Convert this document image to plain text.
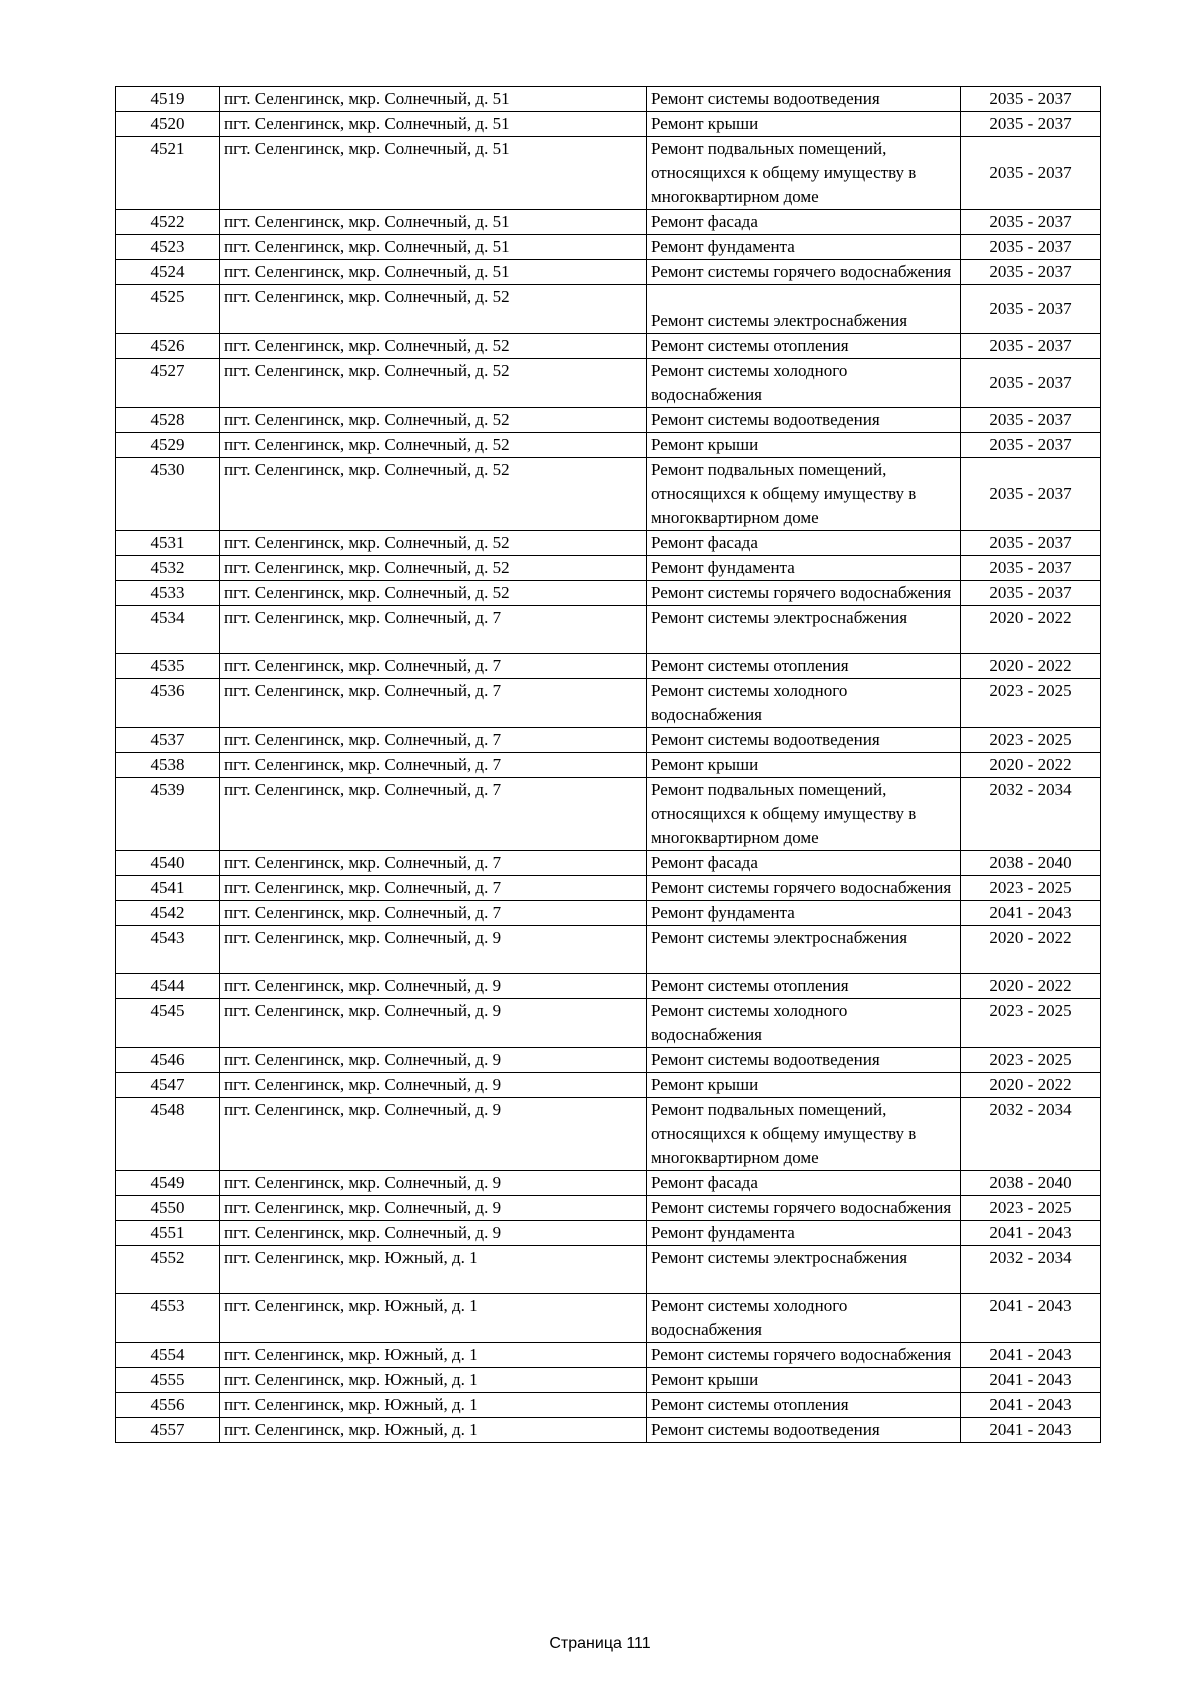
4519	пгт. Селенгинск, мкр. Солнечный, д. 51	Ремонт системы водоотведения	2035 - 2037
4520	пгт. Селенгинск, мкр. Солнечный, д. 51	Ремонт крыши	2035 - 2037
4521	пгт. Селенгинск, мкр. Солнечный, д. 51	Ремонт подвальных помещений, относящихся к общему имуществу в многоквартирном доме	2035 - 2037
4522	пгт. Селенгинск, мкр. Солнечный, д. 51	Ремонт фасада	2035 - 2037
4523	пгт. Селенгинск, мкр. Солнечный, д. 51	Ремонт фундамента	2035 - 2037
4524	пгт. Селенгинск, мкр. Солнечный, д. 51	Ремонт системы горячего водоснабжения	2035 - 2037
4525	пгт. Селенгинск, мкр. Солнечный, д. 52	Ремонт системы электроснабжения	2035 - 2037
4526	пгт. Селенгинск, мкр. Солнечный, д. 52	Ремонт системы отопления	2035 - 2037
4527	пгт. Селенгинск, мкр. Солнечный, д. 52	Ремонт системы холодного водоснабжения	2035 - 2037
4528	пгт. Селенгинск, мкр. Солнечный, д. 52	Ремонт системы водоотведения	2035 - 2037
4529	пгт. Селенгинск, мкр. Солнечный, д. 52	Ремонт крыши	2035 - 2037
4530	пгт. Селенгинск, мкр. Солнечный, д. 52	Ремонт подвальных помещений, относящихся к общему имуществу в многоквартирном доме	2035 - 2037
4531	пгт. Селенгинск, мкр. Солнечный, д. 52	Ремонт фасада	2035 - 2037
4532	пгт. Селенгинск, мкр. Солнечный, д. 52	Ремонт фундамента	2035 - 2037
4533	пгт. Селенгинск, мкр. Солнечный, д. 52	Ремонт системы горячего водоснабжения	2035 - 2037
4534	пгт. Селенгинск, мкр. Солнечный, д. 7	Ремонт системы электроснабжения	2020 - 2022
4535	пгт. Селенгинск, мкр. Солнечный, д. 7	Ремонт системы отопления	2020 - 2022
4536	пгт. Селенгинск, мкр. Солнечный, д. 7	Ремонт системы холодного водоснабжения	2023 - 2025
4537	пгт. Селенгинск, мкр. Солнечный, д. 7	Ремонт системы водоотведения	2023 - 2025
4538	пгт. Селенгинск, мкр. Солнечный, д. 7	Ремонт крыши	2020 - 2022
4539	пгт. Селенгинск, мкр. Солнечный, д. 7	Ремонт подвальных помещений, относящихся к общему имуществу в многоквартирном доме	2032 - 2034
4540	пгт. Селенгинск, мкр. Солнечный, д. 7	Ремонт фасада	2038 - 2040
4541	пгт. Селенгинск, мкр. Солнечный, д. 7	Ремонт системы горячего водоснабжения	2023 - 2025
4542	пгт. Селенгинск, мкр. Солнечный, д. 7	Ремонт фундамента	2041 - 2043
4543	пгт. Селенгинск, мкр. Солнечный, д. 9	Ремонт системы электроснабжения	2020 - 2022
4544	пгт. Селенгинск, мкр. Солнечный, д. 9	Ремонт системы отопления	2020 - 2022
4545	пгт. Селенгинск, мкр. Солнечный, д. 9	Ремонт системы холодного водоснабжения	2023 - 2025
4546	пгт. Селенгинск, мкр. Солнечный, д. 9	Ремонт системы водоотведения	2023 - 2025
4547	пгт. Селенгинск, мкр. Солнечный, д. 9	Ремонт крыши	2020 - 2022
4548	пгт. Селенгинск, мкр. Солнечный, д. 9	Ремонт подвальных помещений, относящихся к общему имуществу в многоквартирном доме	2032 - 2034
4549	пгт. Селенгинск, мкр. Солнечный, д. 9	Ремонт фасада	2038 - 2040
4550	пгт. Селенгинск, мкр. Солнечный, д. 9	Ремонт системы горячего водоснабжения	2023 - 2025
4551	пгт. Селенгинск, мкр. Солнечный, д. 9	Ремонт фундамента	2041 - 2043
4552	пгт. Селенгинск, мкр. Южный, д. 1	Ремонт системы электроснабжения	2032 - 2034
4553	пгт. Селенгинск, мкр. Южный, д. 1	Ремонт системы холодного водоснабжения	2041 - 2043
4554	пгт. Селенгинск, мкр. Южный, д. 1	Ремонт системы горячего водоснабжения	2041 - 2043
4555	пгт. Селенгинск, мкр. Южный, д. 1	Ремонт крыши	2041 - 2043
4556	пгт. Селенгинск, мкр. Южный, д. 1	Ремонт системы отопления	2041 - 2043
4557	пгт. Селенгинск, мкр. Южный, д. 1	Ремонт системы водоотведения	2041 - 2043
Страница 111
